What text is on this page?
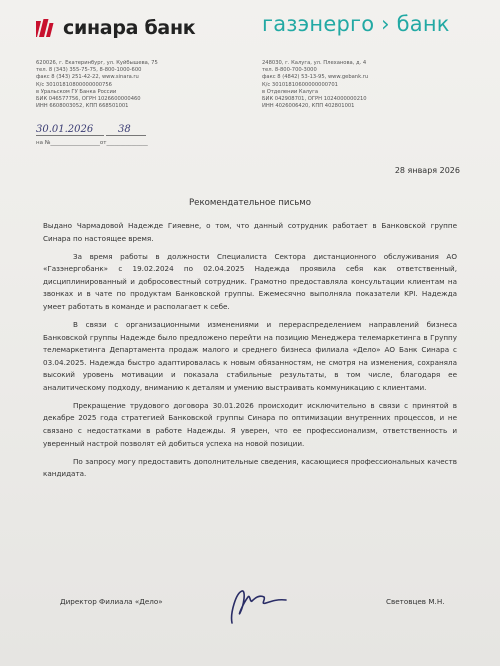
синара банк	газэнерго › банк
620026, г. Екатеринбург, ул. Куйбышева, 75
тел. 8 (343) 355-75-75, 8-800-1000-600
факс 8 (343) 251-42-22, www.sinara.ru
К/с 30101810800000000756
в Уральском ГУ Банка России
БИК 046577756, ОГРН 1026600000460
ИНН 6608003052, КПП 668501001
248030, г. Калуга, ул. Плеханова, д. 4
тел. 8-800-700-3000
факс 8 (4842) 53-13-95, www.gebank.ru
К/с 30101810600000000701
в Отделении Калуга
БИК 042908701, ОГРН 1024000000210
ИНН 4026006420, КПП 402801001
30.01.2026 38
на №__________________от_______________
28 января 2026
Рекомендательное письмо

Выдано Чармадовой Надежде Гияевне, о том, что данный сотрудник работает в Банковской группе Синара по настоящее время.

За время работы в должности Специалиста Сектора дистанционного обслуживания АО «Газэнергобанк» с 19.02.2024 по 02.04.2025 Надежда проявила себя как ответственный, дисциплинированный и добросовестный сотрудник. Грамотно предоставляла консультации клиентам на звонках и в чате по продуктам Банковской группы. Ежемесячно выполняла показатели KPI. Надежда умеет работать в команде и располагает к себе.

В связи с организационными изменениями и перераспределением направлений бизнеса Банковской группы Надежде было предложено перейти на позицию Менеджера телемаркетинга в Группу телемаркетинга Департамента продаж малого и среднего бизнеса филиала «Дело» АО Банк Синара с 03.04.2025. Надежда быстро адаптировалась к новым обязанностям, не смотря на изменения, сохраняла высокий уровень мотивации и показала стабильные результаты, в том числе, благодаря ее аналитическому подходу, вниманию к деталям и умению выстраивать коммуникацию с клиентами.

Прекращение трудового договора 30.01.2026 происходит исключительно в связи с принятой в декабре 2025 года стратегией Банковской группы Синара по оптимизации внутренних процессов, и не связано с недостатками в работе Надежды. Я уверен, что ее профессионализм, ответственность и уверенный настрой позволят ей добиться успеха на новой позиции.

По запросу могу предоставить дополнительные сведения, касающиеся профессиональных качеств кандидата.

Директор Филиала «Дело»	Световцев М.Н.
